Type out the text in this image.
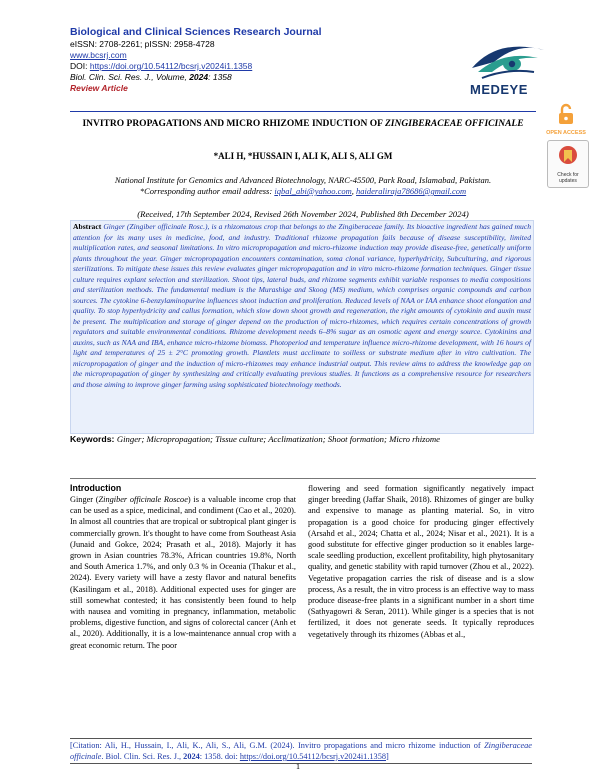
Biological and Clinical Sciences Research Journal
eISSN: 2708-2261; pISSN: 2958-4728
www.bcsrj.com
DOI: https://doi.org/10.54112/bcsrj.v2024i1.1358
Biol. Clin. Sci. Res. J., Volume, 2024: 1358
Review Article	MEDEYE
OPEN ACCESS
Check for
updates
INVITRO PROPAGATIONS AND MICRO RHIZOME INDUCTION OF ZINGIBERACEAE OFFICINALE
*ALI H, *HUSSAIN I, ALI K, ALI S, ALI GM
National Institute for Genomics and Advanced Biotechnology, NARC-45500, Park Road, Islamabad, Pakistan.
*Corresponding author email address: iqbal_abi@yahoo.com, haideraliraja78686@gmail.com
(Received, 17th September 2024, Revised 26th November 2024, Published 8th December 2024)
Abstract Ginger (Zingiber officinale Rosc.), is a rhizomatous crop that belongs to the Zingiberaceae family. Its bioactive ingredient has gained much attention for its many uses in medicine, food, and industry. Traditional rhizome propagation fails because of disease susceptibility, limited multiplication rates, and seasonal limitations. In vitro micropropagation and micro-rhizome induction may provide disease-free, genetically uniform plants throughout the year. Ginger micropropagation encounters contamination, soma clonal variance, hyperhydricity, Subculturing, and rigorous sterilizations. To mitigate these issues this review evaluates ginger micropropagation and in vitro micro-rhizome formation techniques. Ginger tissue culture requires explant selection and sterilization. Shoot tips, lateral buds, and rhizome segments exhibit variable responses to media compositions and sterilization methods. The fundamental medium is the Murashige and Skoog (MS) medium, which comprises organic compounds and carbon sources. The cytokine 6-benzylaminopurine influences shoot induction and proliferation. Reduced levels of NAA or IAA enhance shoot elongation and quality. To stop hyperhydricity and callus formation, which slow down shoot growth and regeneration, the right amounts of cytokinin and auxin must be present. The multiplication and storage of ginger depend on the production of micro-rhizomes, which requires certain concentrations of growth regulators and suitable environmental conditions. Rhizome development needs 6–8% sugar as an osmotic agent and energy source. Cytokinins and auxins, such as NAA and IBA, enhance micro-rhizome biomass. Photoperiod and temperature influence micro-rhizome development, with 16 hours of light and temperatures of 25 ± 2°C promoting growth. Plantlets must acclimate to soilless or substrate medium after in vitro cultivation. The micropropagation of ginger and the induction of micro-rhizomes may enhance industrial output. This review aims to address the knowledge gap on the micropropagation of ginger by synthesizing and critically evaluating previous studies. It functions as a comprehensive resource for researchers and those aiming to improve ginger farming using sophisticated biotechnology methods.
Keywords: Ginger; Micropropagation; Tissue culture; Acclimatization; Shoot formation; Micro rhizome
Introduction
Ginger (Zingiber officinale Roscoe) is a valuable income crop that can be used as a spice, medicinal, and condiment (Cao et al., 2020). In almost all countries that are tropical or subtropical plant ginger is commercially grown. It's thought to have come from Southeast Asia (Junaid and Gokce, 2024; Prasath et al., 2018). Majorly it has grown in Asian countries 78.3%, African countries 19.8%, North and South America 1.7%, and only 0.3 % in Oceania (Thakur et al., 2024). Every variety will have a zesty flavor and natural benefits (Kasilingam et al., 2018). Additional expected uses for ginger are still somewhat contested; it has consistently been found to help with nausea and vomiting in pregnancy, inflammation, metabolic problems, digestive function, and signs of colorectal cancer (Anh et al., 2020). Additionally, it is a low-maintenance annual crop with a great economic return. The poor
flowering and seed formation significantly negatively impact ginger breeding (Jaffar Shaik, 2018). Rhizomes of ginger are bulky and expensive to manage as planting material. So, in vitro propagation is a good choice for producing ginger effectively (Arsahd et al., 2024; Chatta et al., 2024; Nisar et al., 2021). It is a good substitute for effective ginger production so it enables large-scale seedling production, excellent profitability, high phytosanitary quality, and genetic stability with rapid turnover (Zhou et al., 2022). Vegetative propagation carries the risk of disease and is a slow process, As a result, the in vitro process is an effective way to mass produce disease-free plants in a significant number in a short time (Sathyagowri & Seran, 2011). While ginger is a species that is not fertilized, it does not generate seeds. It typically reproduces vegetatively through its rhizomes (Abbas et al.,
[Citation: Ali, H., Hussain, I., Ali, K., Ali, S., Ali, G.M. (2024). Invitro propagations and micro rhizome induction of Zingiberaceae officinale. Biol. Clin. Sci. Res. J., 2024: 1358. doi: https://doi.org/10.54112/bcsrj.v2024i1.1358]
1
